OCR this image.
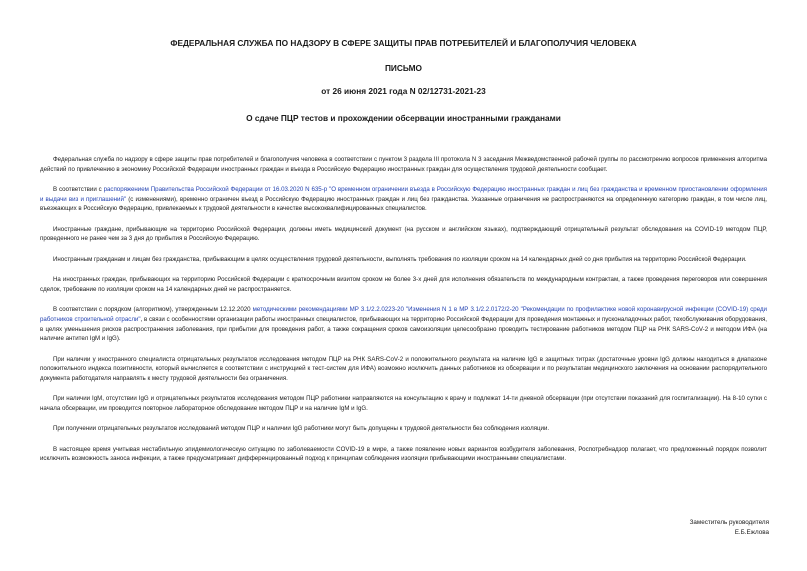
ФЕДЕРАЛЬНАЯ СЛУЖБА ПО НАДЗОРУ В СФЕРЕ ЗАЩИТЫ ПРАВ ПОТРЕБИТЕЛЕЙ И БЛАГОПОЛУЧИЯ ЧЕЛОВЕКА
ПИСЬМО
от 26 июня 2021 года N 02/12731-2021-23
О сдаче ПЦР тестов и прохождении обсервации иностранными гражданами

Федеральная служба по надзору в сфере защиты прав потребителей и благополучия человека в соответствии с пунктом 3 раздела III протокола N 3 заседания Межведомственной рабочей группы по рассмотрению вопросов применения алгоритма действий по привлечению в экономику Российской Федерации иностранных граждан и въезда в Российскую Федерацию иностранных граждан для осуществления трудовой деятельности сообщает.

В соответствии с распоряжением Правительства Российской Федерации от 16.03.2020 N 635-р "О временном ограничении въезда в Российскую Федерацию иностранных граждан и лиц без гражданства и временном приостановлении оформления и выдачи виз и приглашений" (с изменениями), временно ограничен въезд в Российскую Федерацию иностранных граждан и лиц без гражданства. Указанные ограничения не распространяются на определенную категорию граждан, в том числе лиц, въезжающих в Российскую Федерацию, привлекаемых к трудовой деятельности в качестве высококвалифицированных специалистов.

Иностранные граждане, прибывающие на территорию Российской Федерации, должны иметь медицинский документ (на русском и английском языках), подтверждающий отрицательный результат обследования на COVID-19 методом ПЦР, проведенного не ранее чем за 3 дня до прибытия в Российскую Федерацию.

Иностранным гражданам и лицам без гражданства, прибывающим в целях осуществления трудовой деятельности, выполнять требования по изоляции сроком на 14 календарных дней со дня прибытия на территорию Российской Федерации.

На иностранных граждан, прибывающих на территорию Российской Федерации с краткосрочным визитом сроком не более 3-х дней для исполнения обязательств по международным контрактам, а также проведения переговоров или совершения сделок, требование по изоляции сроком на 14 календарных дней не распространяется.

В соответствии с порядком (алгоритмом), утвержденным 12.12.2020 методическими рекомендациями МР 3.1/2.2.0223-20 "Изменения N 1 в МР 3.1/2.2.0172/2-20 "Рекомендации по профилактике новой коронавирусной инфекции (COVID-19) среди работников строительной отрасли", в связи с особенностями организации работы иностранных специалистов, прибывающих на территорию Российской Федерации для проведения монтажных и пусконаладочных работ, техобслуживания оборудования, в целях уменьшения рисков распространения заболевания, при прибытии для проведения работ, а также сокращения сроков самоизоляции целесообразно проводить тестирование работников методом ПЦР на РНК SARS-CoV-2 и методом ИФА (на наличие антител IgM и IgG).

При наличии у иностранного специалиста отрицательных результатов исследования методом ПЦР на РНК SARS-CoV-2 и положительного результата на наличие IgG в защитных титрах (достаточные уровни IgG должны находиться в диапазоне положительного индекса позитивности, который вычисляется в соответствии с инструкцией к тест-систем для ИФА) возможно исключить данных работников из обсервации и по результатам медицинского заключения на основании распорядительного документа работодателя направлять к месту трудовой деятельности без ограничения.

При наличии IgM, отсутствии IgG и отрицательных результатов исследования методом ПЦР работники направляются на консультацию к врачу и подлежат 14-ти дневной обсервации (при отсутствии показаний для госпитализации). На 8-10 сутки с начала обсервации, им проводится повторное лабораторное обследование методом ПЦР и на наличие IgM и IgG.

При получении отрицательных результатов исследований методом ПЦР и наличии IgG работники могут быть допущены к трудовой деятельности без соблюдения изоляции.

В настоящее время учитывая нестабильную эпидемиологическую ситуацию по заболеваемости COVID-19 в мире, а также появление новых вариантов возбудителя заболевания, Роспотребнадзор полагает, что предложенный порядок позволит исключить возможность заноса инфекции, а также предусматривает дифференцированный подход к принципам соблюдения изоляции прибывающими иностранными специалистами.

Заместитель руководителя
Е.Б.Ежлова
